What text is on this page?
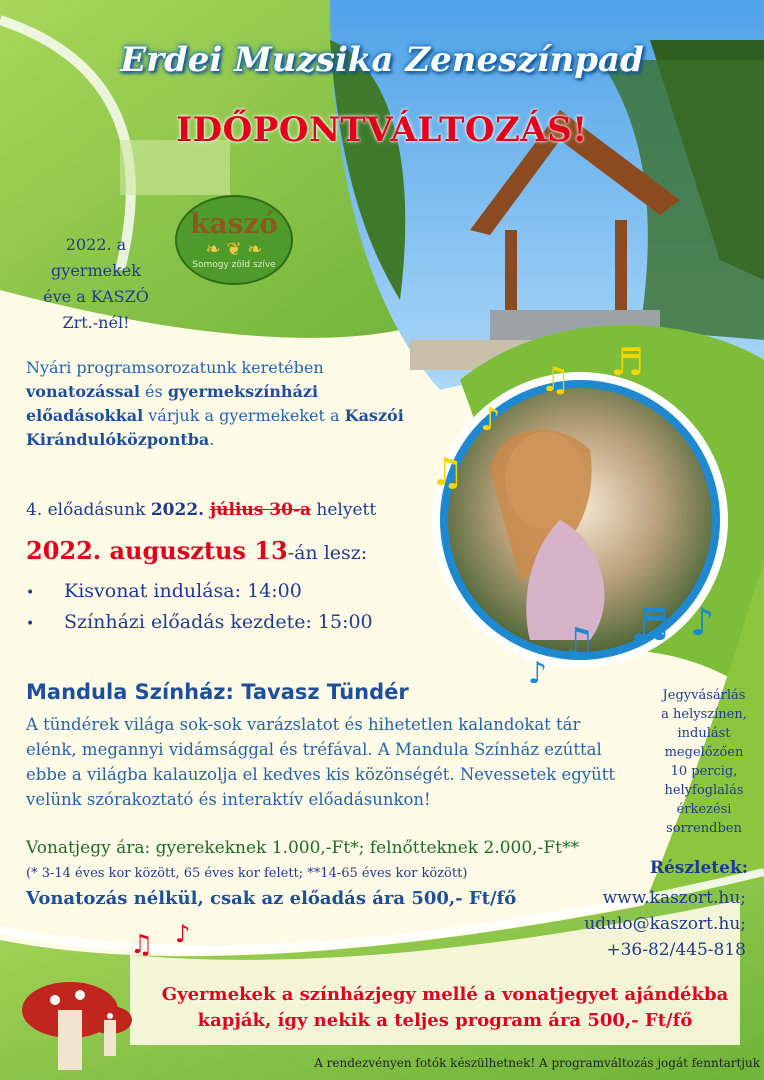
♫
♪
♫ ♬
♫ ♬ ♪
♪
♫ ♪
kaszó
❧ ❦ ❧
Somogy zöld szíve
Erdei Muzsika Zeneszínpad
IDŐPONTVÁLTOZÁS!
2022. a
gyermekek
éve a KASZÓ
Zrt.-nél!
Nyári programsorozatunk keretében vonatozással és gyermekszínházi előadásokkal várjuk a gyermekeket a Kaszói Kirándulóközpontba.
4. előadásunk 2022. július 30-a helyett
2022. augusztus 13-án lesz:
• Kisvonat indulása: 14:00
• Színházi előadás kezdete: 15:00
Mandula Színház: Tavasz Tündér
A tündérek világa sok-sok varázslatot és hihetetlen kalandokat tár elénk, megannyi vidámsággal és tréfával. A Mandula Színház ezúttal ebbe a világba kalauzolja el kedves kis közönségét. Nevessetek együtt velünk szórakoztató és interaktív előadásunkon!
Vonatjegy ára: gyerekeknek 1.000,-Ft*; felnőtteknek 2.000,-Ft**
(* 3-14 éves kor között, 65 éves kor felett; **14-65 éves kor között)
Vonatozás nélkül, csak az előadás ára 500,- Ft/fő
Jegyvásárlás
a helyszínen,
indulást
megelőzően
10 percig,
helyfoglalás
érkezési
sorrendben
Részletek:
www.kaszort.hu;
udulo@kaszort.hu;
+36-82/445-818
Gyermekek a színházjegy mellé a vonatjegyet ajándékba
kapják, így nekik a teljes program ára 500,- Ft/fő
A rendezvényen fotók készülhetnek! A programváltozás jogát fenntartjuk
